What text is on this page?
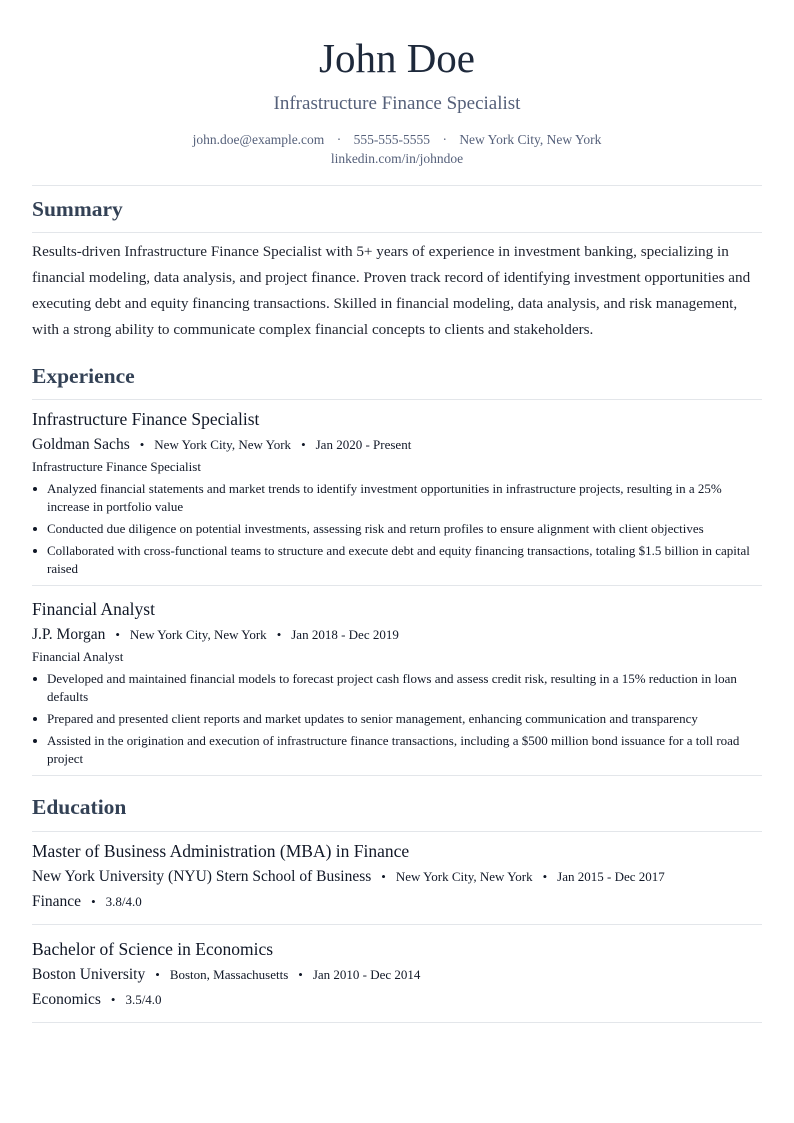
John Doe
Infrastructure Finance Specialist
john.doe@example.com · 555-555-5555 · New York City, New York
linkedin.com/in/johndoe
Summary

Results-driven Infrastructure Finance Specialist with 5+ years of experience in investment banking, specializing in financial modeling, data analysis, and project finance. Proven track record of identifying investment opportunities and executing debt and equity financing transactions. Skilled in financial modeling, data analysis, and risk management, with a strong ability to communicate complex financial concepts to clients and stakeholders.

Experience
Infrastructure Finance Specialist
Goldman Sachs • New York City, New York • Jan 2020 - Present
Infrastructure Finance Specialist
Analyzed financial statements and market trends to identify investment opportunities in infrastructure projects, resulting in a 25% increase in portfolio value
Conducted due diligence on potential investments, assessing risk and return profiles to ensure alignment with client objectives
Collaborated with cross-functional teams to structure and execute debt and equity financing transactions, totaling $1.5 billion in capital raised
Financial Analyst
J.P. Morgan • New York City, New York • Jan 2018 - Dec 2019
Financial Analyst
Developed and maintained financial models to forecast project cash flows and assess credit risk, resulting in a 15% reduction in loan defaults
Prepared and presented client reports and market updates to senior management, enhancing communication and transparency
Assisted in the origination and execution of infrastructure finance transactions, including a $500 million bond issuance for a toll road project
Education
Master of Business Administration (MBA) in Finance
New York University (NYU) Stern School of Business • New York City, New York • Jan 2015 - Dec 2017
Finance • 3.8/4.0
Bachelor of Science in Economics
Boston University • Boston, Massachusetts • Jan 2010 - Dec 2014
Economics • 3.5/4.0
